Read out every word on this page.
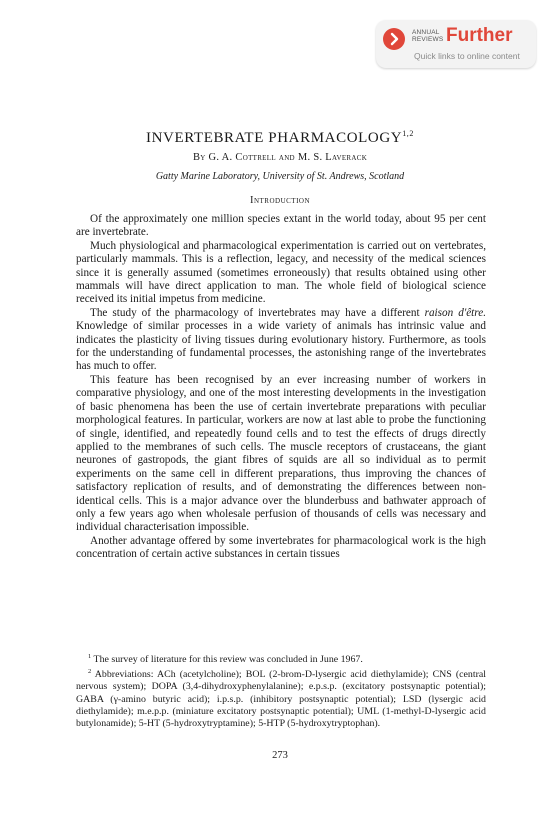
ANNUAL
REVIEWS Further
Quick links to online content
INVERTEBRATE PHARMACOLOGY$^{1,2}$
By G. A. Cottrell and M. S. Laverack
Gatty Marine Laboratory, University of St. Andrews, Scotland
Introduction

Of the approximately one million species extant in the world today, about 95 per cent are invertebrate.

Much physiological and pharmacological experimentation is carried out on vertebrates, particularly mammals. This is a reflection, legacy, and necessity of the medical sciences since it is generally assumed (sometimes erroneously) that results obtained using other mammals will have direct application to man. The whole field of biological science received its initial impetus from medicine.

The study of the pharmacology of invertebrates may have a different raison d'être. Knowledge of similar processes in a wide variety of animals has intrinsic value and indicates the plasticity of living tissues during evolutionary history. Furthermore, as tools for the understanding of fundamental processes, the astonishing range of the invertebrates has much to offer.

This feature has been recognised by an ever increasing number of workers in comparative physiology, and one of the most interesting developments in the investigation of basic phenomena has been the use of certain invertebrate preparations with peculiar morphological features. In particular, workers are now at last able to probe the functioning of single, identified, and repeatedly found cells and to test the effects of drugs directly applied to the membranes of such cells. The muscle receptors of crustaceans, the giant neurones of gastropods, the giant fibres of squids are all so individual as to permit experiments on the same cell in different preparations, thus improving the chances of satisfactory replication of results, and of demonstrating the differences between non-identical cells. This is a major advance over the blunderbuss and bathwater approach of only a few years ago when wholesale perfusion of thousands of cells was necessary and individual characterisation impossible.

Another advantage offered by some invertebrates for pharmacological work is the high concentration of certain active substances in certain tissues

$^1$ The survey of literature for this review was concluded in June 1967.

$^2$ Abbreviations: ACh (acetylcholine); BOL (2-brom-D-lysergic acid diethylamide); CNS (central nervous system); DOPA (3,4-dihydroxyphenylalanine); e.p.s.p. (excitatory postsynaptic potential); GABA (γ-amino butyric acid); i.p.s.p. (inhibitory postsynaptic potential); LSD (lysergic acid diethylamide); m.e.p.p. (miniature excitatory postsynaptic potential); UML (1-methyl-D-lysergic acid butylonamide); 5-HT (5-hydroxytryptamine); 5-HTP (5-hydroxytryptophan).

273
